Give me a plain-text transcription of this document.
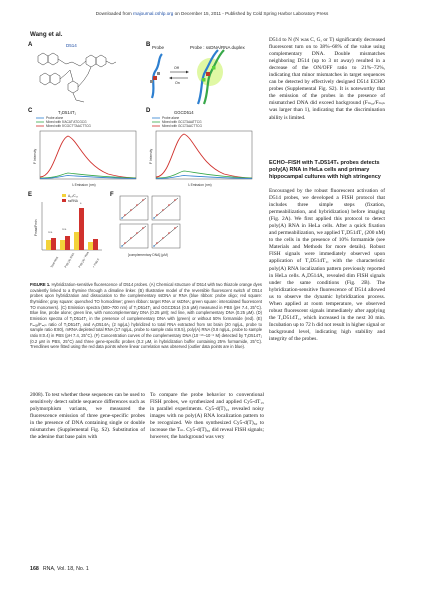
Downloaded from rnajournal.cshlp.org on December 15, 2011 - Published by Cold Spring Harbor Laboratory Press
Wang et al.
A	D514	B Probe	Probe : ssDNA/RNA duplex
Off
On
C	T₁D514T₁
Probe alone
Mixed with 5'ACAT'ATCGCG
Mixed with 5'CGCT'TAACTTCG
F Intensity
λ Emission (nm)
D	GGCD514
Probe alone
Mixed with GCCTAAATTCG
Mixed with GCCTAACTTCG
F Intensity
λ Emission (nm)
E	A₁₀/C₁₀
ssRNA
Fmax/Fmin	n.s.
n.s.
*
Total RNA Poly (A) RNA Poly (A)⁺ RNA + Poly A
F
[complementary DNA] (μM)
FIGURE 1. Hybridization-sensitive fluorescence of D514 probes. (A) Chemical structure of D514 with two thiazole orange dyes covalently linked to a thymine through a dimaline linker. (B) Illustrative model of the reversible fluorescent switch of D514 probes upon hybridization and dissociation to the complementary ssDNA or RNA (blue ribbon: probe oligo; red square: thymidine; gray square: quenched TO homodimer; green ribbon: target RNA or ssDNA; green square: intercalated fluorescent TO monomers). (C) Emission spectra (500–700 nm) of T₁D514T₁ and GGCD514 (0.5 μM) measured in PBS (pH 7.4, 25°C). Blue line, probe alone; green line, with noncomplementary DNA (0.25 μM); red line, with complementary DNA (0.25 μM). (D) Emission spectra of T₁D514T₁ in the presence of complementary DNA with (green) or without 50% formamide (red). (E) Fₘₐₓ/Fₘᵢₙ ratio of T₁D514T₁ and A₁D514A₁ (2 ng/μL) hybridized to total RNA extracted from rat brain (20 ng/μL, probe to sample ratio 8:80), mRNA depleted total RNA (17 ng/μL, probe to sample ratio 8:8.5), poly(A) RNA (0.8 ng/μL, probe to sample ratio 8:0.4) in PBS (pH 7.4, 25°C). (F) Concentration curves of the complementary DNA (10⁻¹⁰–10⁻⁶ M) detected by T₁D514T₁ (0.2 μM in PBS, 25°C) and three gene-specific probes (0.2 μM, in hybridization buffer containing 25% formamide, 25°C). Trendlines were fitted using the red data points where linear correlation was observed (outlier data points are in blue).

2008). To test whether these sequences can be used to sensitively detect subtle sequence differences such as polymorphism variants, we measured the fluorescence emission of three gene-specific probes in the presence of DNA containing single or double mismatches (Supplemental Fig. S2). Substitution of the adenine that base pairs with

To compare the probe behavior to conventional FISH probes, we synthesized and applied Cy5-dT₁₅ in parallel experiments. Cy5-d(T)₁₅ revealed noisy images with no poly(A) RNA localization pattern to be recognized. We then synthesized Cy5-d(T)₅₀ to increase the Tₘ. Cy5-d(T)₅₀ did reveal FISH signals; however, the background was very

D514 to N (N was C, G, or T) significantly decreased fluorescent turn on to 38%–68% of the value using complementary DNA. Double mismatches neighboring D514 (up to 3 nt away) resulted in a decrease of the ON/OFF ratio to 21%–72%, indicating that minor mismatches in target sequences can be detected by effectively designed D514 ECHO probes (Supplemental Fig. S2). It is noteworthy that the emission of the probes in the presence of mismatched DNA did exceed background (Fₘₐₓ/Fₘᵢₙ was larger than 1), indicating that the discrimination ability is limited.

ECHO–FISH with T₁D514T₁ probes detects poly(A) RNA in HeLa cells and primary hippocampal cultures with high stringency

Encouraged by the robust fluorescent activation of D514 probes, we developed a FISH protocol that includes three simple steps (fixation, permeabilization, and hybridization) before imaging (Fig. 2A). We first applied this protocol to detect poly(A) RNA in HeLa cells. After a quick fixation and permeabilization, we applied T₁D514T₁ (200 nM) to the cells in the presence of 10% formamide (see Materials and Methods for more details). Robust FISH signals were immediately observed upon application of T₁D514T₁, with the characteristic poly(A) RNA localization pattern previously reported in HeLa cells. A₁D514A₁ revealed dim FISH signals under the same conditions (Fig. 2B). The hybridization-sensitive fluorescence of D514 allowed us to observe the dynamic hybridization process. When applied at room temperature, we observed robust fluorescent signals immediately after applying the T₁D514T₁, which increased in the next 30 min. Incubation up to 72 h did not result in higher signal or background level, indicating high stability and integrity of the probes.

168 RNA, Vol. 18, No. 1
